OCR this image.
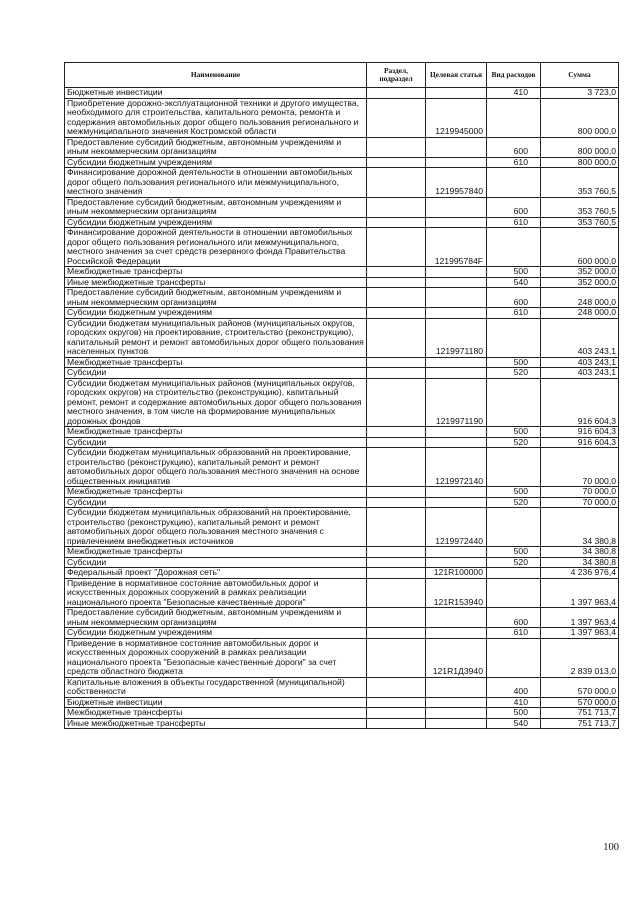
Наименование	Раздел, подраздел	Целевая статья	Вид расходов	Сумма
Бюджетные инвестиции			410	3 723,0
Приобретение дорожно-эксплуатационной техники и другого имущества, необходимого для строительства, капитального ремонта, ремонта и содержания автомобильных дорог общего пользования регионального и межмуниципального значения Костромской области		1219945000		800 000,0
Предоставление субсидий бюджетным, автономным учреждениям и иным некоммерческим организациям			600	800 000,0
Субсидии бюджетным учреждениям			610	800 000,0
Финансирование дорожной деятельности в отношении автомобильных дорог общего пользования регионального или межмуниципального, местного значения		1219957840		353 760,5
Предоставление субсидий бюджетным, автономным учреждениям и иным некоммерческим организациям			600	353 760,5
Субсидии бюджетным учреждениям			610	353 760,5
Финансирование дорожной деятельности в отношении автомобильных дорог общего пользования регионального или межмуниципального, местного значения за счет средств резервного фонда Правительства Российской Федерации		121995784F		600 000,0
Межбюджетные трансферты			500	352 000,0
Иные межбюджетные трансферты			540	352 000,0
Предоставление субсидий бюджетным, автономным учреждениям и иным некоммерческим организациям			600	248 000,0
Субсидии бюджетным учреждениям			610	248 000,0
Субсидии бюджетам муниципальных районов (муниципальных округов, городских округов) на проектирование, строительство (реконструкцию), капитальный ремонт и ремонт автомобильных дорог общего пользования населенных пунктов		1219971180		403 243,1
Межбюджетные трансферты			500	403 243,1
Субсидии			520	403 243,1
Субсидии бюджетам муниципальных районов (муниципальных округов, городских округов) на строительство (реконструкцию), капитальный ремонт, ремонт и содержание автомобильных дорог общего пользования местного значения, в том числе на формирование муниципальных дорожных фондов		1219971190		916 604,3
Межбюджетные трансферты			500	916 604,3
Субсидии			520	916 604,3
Субсидии бюджетам муниципальных образований на проектирование, строительство (реконструкцию), капитальный ремонт и ремонт автомобильных дорог общего пользования местного значения на основе общественных инициатив		1219972140		70 000,0
Межбюджетные трансферты			500	70 000,0
Субсидии			520	70 000,0
Субсидии бюджетам муниципальных образований на проектирование, строительство (реконструкцию), капитальный ремонт и ремонт автомобильных дорог общего пользования местного значения с привлечением внебюджетных источников		1219972440		34 380,8
Межбюджетные трансферты			500	34 380,8
Субсидии			520	34 380,8
Федеральный проект "Дорожная сеть"		121R100000		4 236 976,4
Приведение в нормативное состояние автомобильных дорог и искусственных дорожных сооружений в рамках реализации национального проекта "Безопасные качественные дороги"		121R153940		1 397 963,4
Предоставление субсидий бюджетным, автономным учреждениям и иным некоммерческим организациям			600	1 397 963,4
Субсидии бюджетным учреждениям			610	1 397 963,4
Приведение в нормативное состояние автомобильных дорог и искусственных дорожных сооружений в рамках реализации национального проекта "Безопасные качественные дороги" за счет средств областного бюджета		121R1Д3940		2 839 013,0
Капитальные вложения в объекты государственной (муниципальной) собственности			400	570 000,0
Бюджетные инвестиции			410	570 000,0
Межбюджетные трансферты			500	751 713,7
Иные межбюджетные трансферты			540	751 713,7
100
